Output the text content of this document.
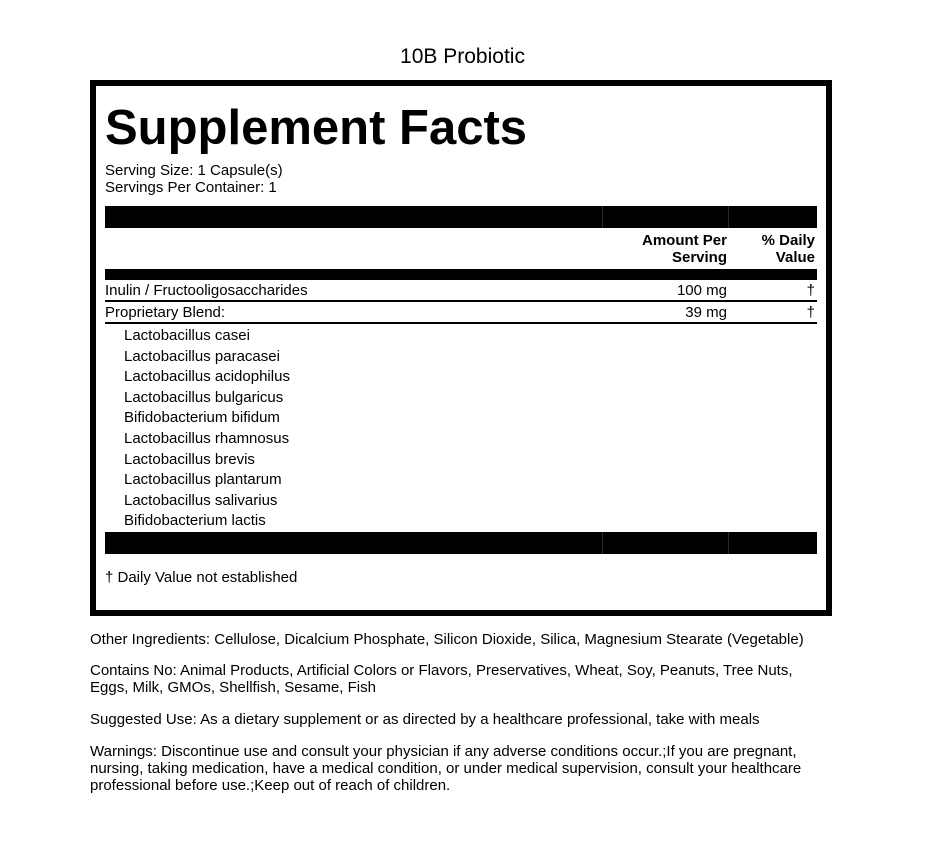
10B Probiotic
Supplement Facts
Serving Size: 1 Capsule(s)
Servings Per Container: 1
Amount Per
Serving
% Daily
Value
Inulin / Fructooligosaccharides	100 mg	†
Proprietary Blend:	39 mg	†
Lactobacillus casei
Lactobacillus paracasei
Lactobacillus acidophilus
Lactobacillus bulgaricus
Bifidobacterium bifidum
Lactobacillus rhamnosus
Lactobacillus brevis
Lactobacillus plantarum
Lactobacillus salivarius
Bifidobacterium lactis
† Daily Value not established

Other Ingredients: Cellulose, Dicalcium Phosphate, Silicon Dioxide, Silica, Magnesium Stearate (Vegetable)

Contains No: Animal Products, Artificial Colors or Flavors, Preservatives, Wheat, Soy, Peanuts, Tree Nuts, Eggs, Milk, GMOs, Shellfish, Sesame, Fish

Suggested Use: As a dietary supplement or as directed by a healthcare professional, take with meals

Warnings: Discontinue use and consult your physician if any adverse conditions occur.;If you are pregnant, nursing, taking medication, have a medical condition, or under medical supervision, consult your healthcare professional before use.;Keep out of reach of children.
